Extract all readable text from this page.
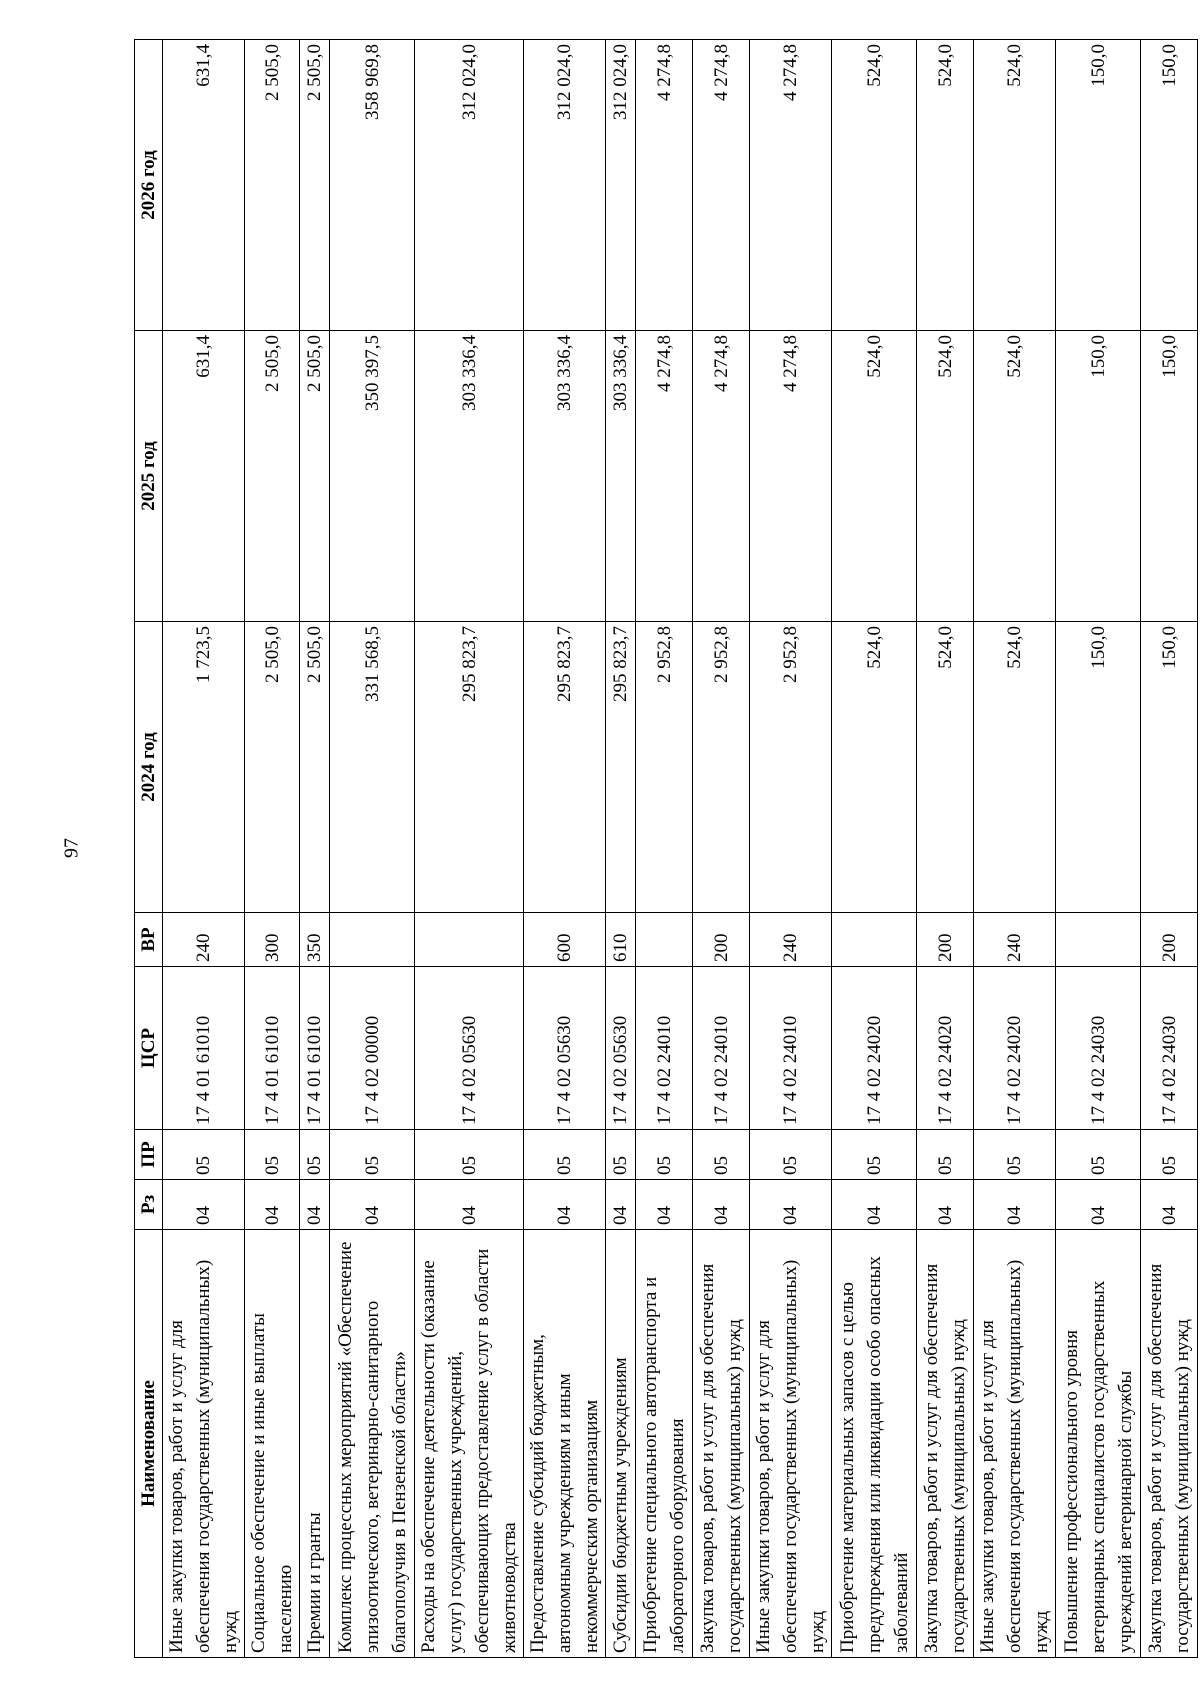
97
Наименование	Рз	ПР	ЦСР	ВР	2024 год	2025 год	2026 год
Иные закупки товаров, работ и услуг для обеспечения государственных (муниципальных) нужд	04	05	17 4 01 61010	240	1 723,5	631,4	631,4
Социальное обеспечение и иные выплаты населению	04	05	17 4 01 61010	300	2 505,0	2 505,0	2 505,0
Премии и гранты	04	05	17 4 01 61010	350	2 505,0	2 505,0	2 505,0
Комплекс процессных мероприятий «Обеспечение эпизоотического, ветеринарно-санитарного благополучия в Пензенской области»	04	05	17 4 02 00000		331 568,5	350 397,5	358 969,8
Расходы на обеспечение деятельности (оказание услуг) государственных учреждений, обеспечивающих предоставление услуг в области животноводства	04	05	17 4 02 05630		295 823,7	303 336,4	312 024,0
Предоставление субсидий бюджетным, автономным учреждениям и иным некоммерческим организациям	04	05	17 4 02 05630	600	295 823,7	303 336,4	312 024,0
Субсидии бюджетным учреждениям	04	05	17 4 02 05630	610	295 823,7	303 336,4	312 024,0
Приобретение специального автотранспорта и лабораторного оборудования	04	05	17 4 02 24010		2 952,8	4 274,8	4 274,8
Закупка товаров, работ и услуг для обеспечения государственных (муниципальных) нужд	04	05	17 4 02 24010	200	2 952,8	4 274,8	4 274,8
Иные закупки товаров, работ и услуг для обеспечения государственных (муниципальных) нужд	04	05	17 4 02 24010	240	2 952,8	4 274,8	4 274,8
Приобретение материальных запасов с целью предупреждения или ликвидации особо опасных заболеваний	04	05	17 4 02 24020		524,0	524,0	524,0
Закупка товаров, работ и услуг для обеспечения государственных (муниципальных) нужд	04	05	17 4 02 24020	200	524,0	524,0	524,0
Иные закупки товаров, работ и услуг для обеспечения государственных (муниципальных) нужд	04	05	17 4 02 24020	240	524,0	524,0	524,0
Повышение профессионального уровня ветеринарных специалистов государственных учреждений ветеринарной службы	04	05	17 4 02 24030		150,0	150,0	150,0
Закупка товаров, работ и услуг для обеспечения государственных (муниципальных) нужд	04	05	17 4 02 24030	200	150,0	150,0	150,0
